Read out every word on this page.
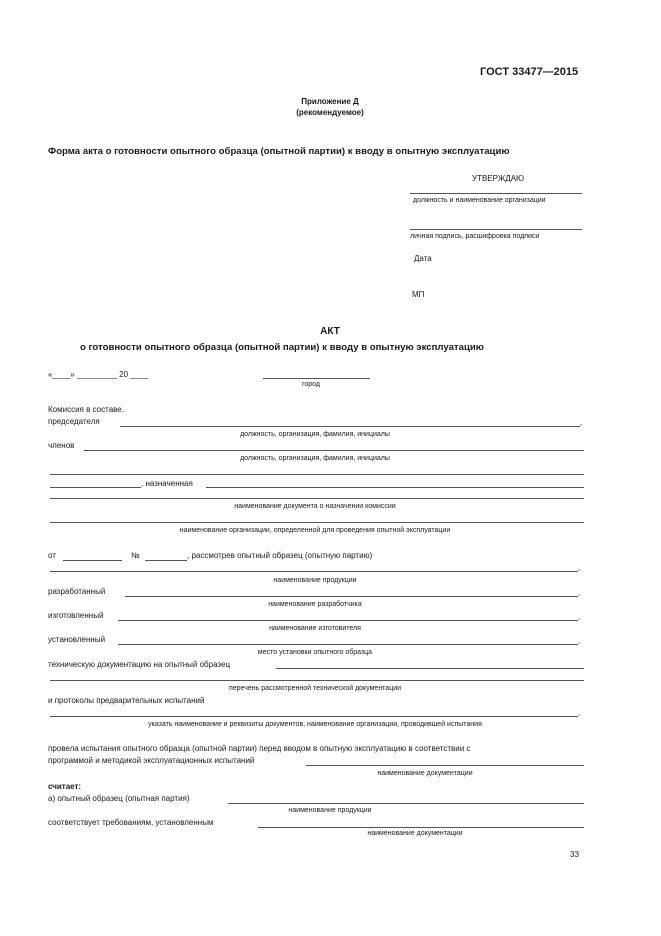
ГОСТ 33477—2015
Приложение Д
(рекомендуемое)
Форма акта о готовности опытного образца (опытной партии) к вводу в опытную эксплуатацию
УТВЕРЖДАЮ
должность и наименование организации
личная подпись, расшифровка подписи
Дата
МП
АКТ
о готовности опытного образца (опытной партии) к вводу в опытную эксплуатацию
«____» _________ 20 ____
город
Комиссия в составе.
председателя	,
должность, организация, фамилия, инициалы
членов
должность, организация, фамилия, инициалы
, назначенная
наименование документа о назначении комиссии
наименование организации, определенной для проведения опытной эксплуатации
от	№	, рассмотрев опытный образец (опытную партию)
,
наименование продукции
разработанный	,
наименование разработчика
изготовленный	,
наименование изготовителя
установленный	,
место установки опытного образца
техническую документацию на опытный образец
перечень рассмотренной технической документации
и протоколы предварительных испытаний
,
указать наименование и реквизиты документов, наименование организации, проводившей испытания
провела испытания опытного образца (опытной партии) перед вводом в опытную эксплуатацию в соответствии с
программой и методикой эксплуатационных испытаний
наименование документации
считает:
а) опытный образец (опытная партия)
наименование продукции
соответствует требованиям, установленным
наименование документации
33
